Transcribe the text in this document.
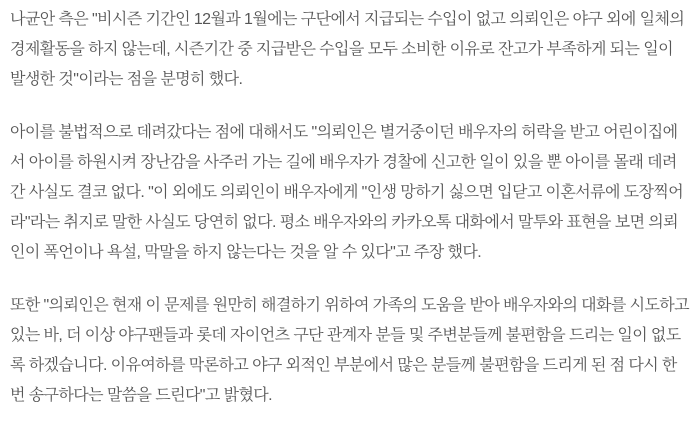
나균안 측은 "비시즌 기간인 12월과 1월에는 구단에서 지급되는 수입이 없고 의뢰인은 야구 외에 일체의 경제활동을 하지 않는데, 시즌기간 중 지급받은 수입을 모두 소비한 이유로 잔고가 부족하게 되는 일이 발생한 것"이라는 점을 분명히 했다.

아이를 불법적으로 데려갔다는 점에 대해서도 "의뢰인은 별거중이던 배우자의 허락을 받고 어린이집에서 아이를 하원시켜 장난감을 사주러 가는 길에 배우자가 경찰에 신고한 일이 있을 뿐 아이를 몰래 데려간 사실도 결코 없다. "이 외에도 의뢰인이 배우자에게 "인생 망하기 싫으면 입닫고 이혼서류에 도장찍어라"라는 취지로 말한 사실도 당연히 없다. 평소 배우자와의 카카오톡 대화에서 말투와 표현을 보면 의뢰인이 폭언이나 욕설, 막말을 하지 않는다는 것을 알 수 있다"고 주장 했다.

또한 "의뢰인은 현재 이 문제를 원만히 해결하기 위하여 가족의 도움을 받아 배우자와의 대화를 시도하고 있는 바, 더 이상 야구팬들과 롯데 자이언츠 구단 관계자 분들 및 주변분들께 불편함을 드리는 일이 없도록 하겠습니다. 이유여하를 막론하고 야구 외적인 부분에서 많은 분들께 불편함을 드리게 된 점 다시 한번 송구하다는 말씀을 드린다"고 밝혔다.
